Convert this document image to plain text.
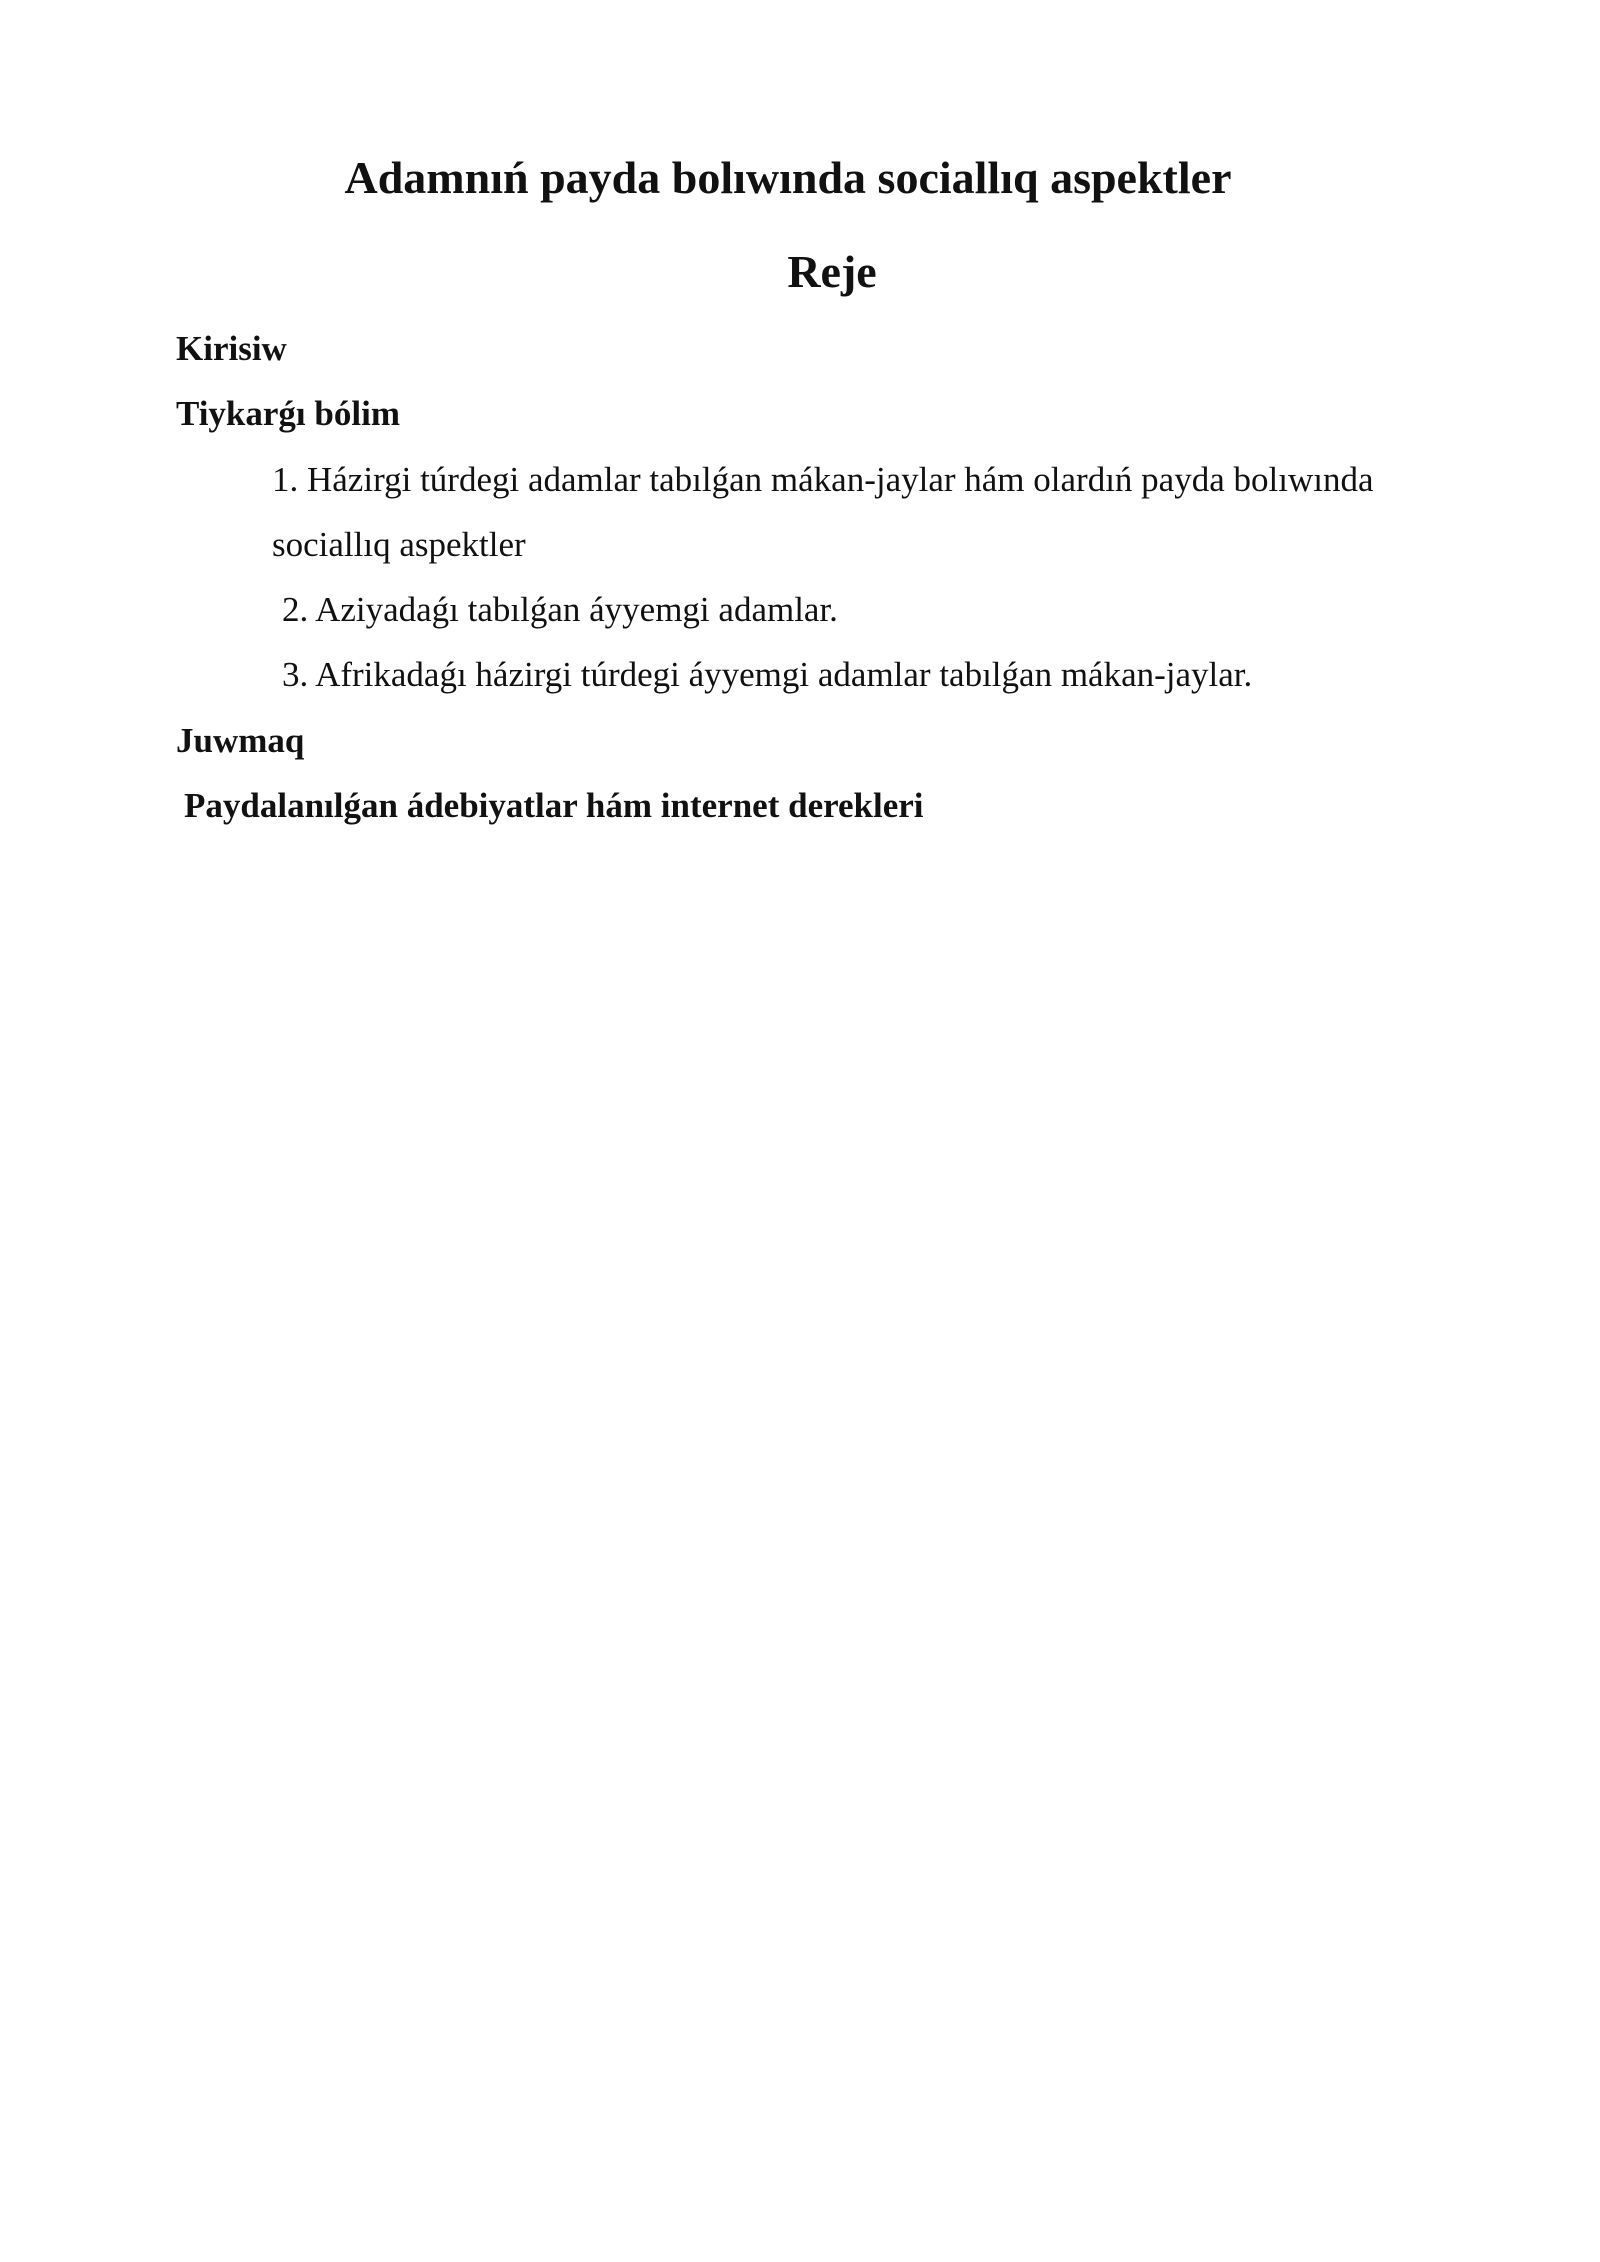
Adamnıń payda bolıwında sociallıq aspektler
Reje
Kirisiw
Tiykarǵı bólim
1. Házirgi túrdegi adamlar tabılǵan mákan-jaylar hám olardıń payda bolıwında sociallıq aspektler
2. Aziyadaǵı tabılǵan áyyemgi adamlar.
3. Afrikadaǵı házirgi túrdegi áyyemgi adamlar tabılǵan mákan-jaylar.
Juwmaq
Paydalanılǵan ádebiyatlar hám internet derekleri
